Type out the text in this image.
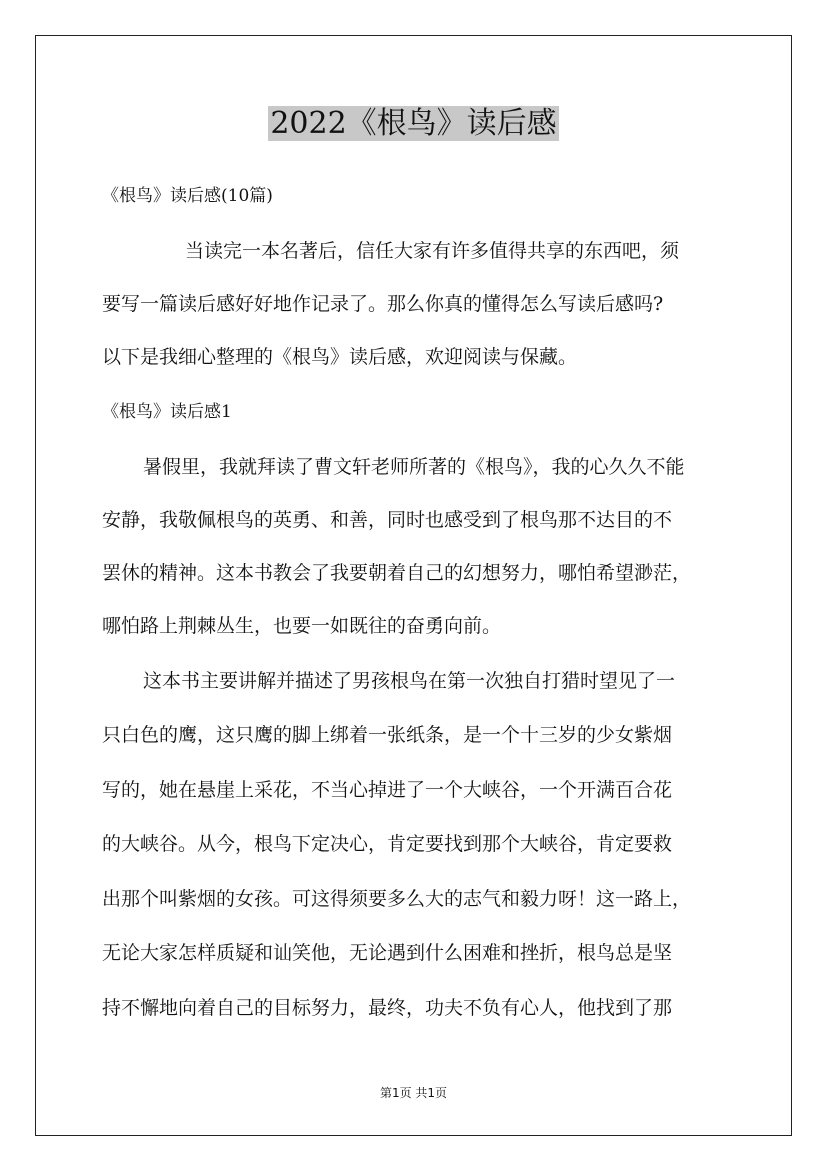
2022《根鸟》读后感

《根鸟》读后感(10篇)

当读完一本名著后，信任大家有许多值得共享的东西吧，须

要写一篇读后感好好地作记录了。那么你真的懂得怎么写读后感吗?

以下是我细心整理的《根鸟》读后感，欢迎阅读与保藏。

《根鸟》读后感1

暑假里，我就拜读了曹文轩老师所著的《根鸟》，我的心久久不能

安静，我敬佩根鸟的英勇、和善，同时也感受到了根鸟那不达目的不

罢休的精神。这本书教会了我要朝着自己的幻想努力，哪怕希望渺茫，

哪怕路上荆棘丛生，也要一如既往的奋勇向前。

这本书主要讲解并描述了男孩根鸟在第一次独自打猎时望见了一

只白色的鹰，这只鹰的脚上绑着一张纸条，是一个十三岁的少女紫烟

写的，她在悬崖上采花，不当心掉进了一个大峡谷，一个开满百合花

的大峡谷。从今，根鸟下定决心，肯定要找到那个大峡谷，肯定要救

出那个叫紫烟的女孩。可这得须要多么大的志气和毅力呀！这一路上，

无论大家怎样质疑和讪笑他，无论遇到什么困难和挫折，根鸟总是坚

持不懈地向着自己的目标努力，最终，功夫不负有心人，他找到了那

第1页 共1页
